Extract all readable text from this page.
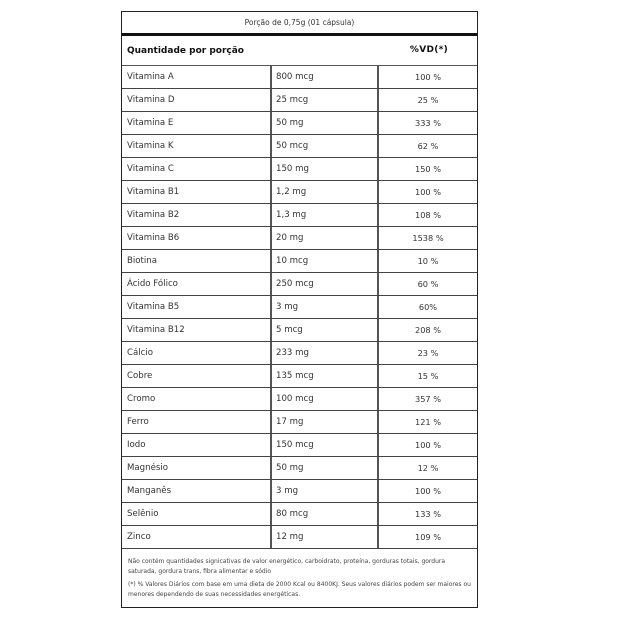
Porção de 0,75g (01 cápsula)
Quantidade por porção	%VD(*)
Vitamina A	800 mcg	100 %
Vitamina D	25 mcg	25 %
Vitamina E	50 mg	333 %
Vitamina K	50 mcg	62 %
Vitamina C	150 mg	150 %
Vitamina B1	1,2 mg	100 %
Vitamina B2	1,3 mg	108 %
Vitamina B6	20 mg	1538 %
Biotina	10 mcg	10 %
Ácido Fólico	250 mcg	60 %
Vitamina B5	3 mg	60%
Vitamina B12	5 mcg	208 %
Cálcio	233 mg	23 %
Cobre	135 mcg	15 %
Cromo	100 mcg	357 %
Ferro	17 mg	121 %
Iodo	150 mcg	100 %
Magnésio	50 mg	12 %
Manganês	3 mg	100 %
Selênio	80 mcg	133 %
Zinco	12 mg	109 %

Não contém quantidades signicativas de valor energético, carboidrato, proteína, gorduras totais, gordura saturada, gordura trans, fibra alimentar e sódio

(*) % Valores Diários com base em uma dieta de 2000 Kcal ou 8400KJ. Seus valores diários podem ser maiores ou menores dependendo de suas necessidades energéticas.
